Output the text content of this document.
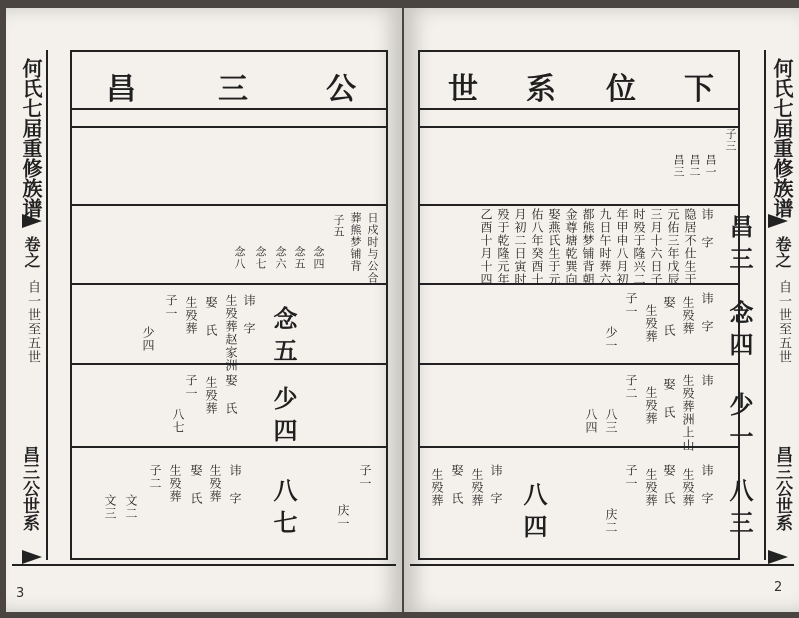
昌	三	公
日戍时与公合
葬熊梦铺背
子五
念四
念五
念六
念七
念八
念五
讳 字
生殁葬赵家洲
娶 氏
生殁葬
子一
少四
少四
娶 氏
生殁葬
子一
八七
八七
讳 字
生殁葬
娶 氏
生殁葬
子二
文二
文三
子一
庆一
何氏七届重修族谱
卷之
自一世至五世
昌三公世系
3
世 系 位 下
子三
昌一
昌二
昌三
昌三
讳 字
隐居不仕生于
元佑三年戊辰
三月十六日子
时殁于隆兴二
年甲申八月初
九日午时葬六
都熊梦铺背朝
金尊塘乾巽向
娶燕氏生于元
佑八年癸酉十
月初二日寅时
殁于乾隆元年
乙酉十月十四
念四
讳 字
生殁葬
娶 氏
生殁葬
子一
少一
少一
讳
生殁葬洲上山
娶 氏
生殁葬
子二
八三
八四
八三
讳 字
生殁葬
娶 氏
生殁葬
子一
庆二
八四
讳 字
生殁葬
娶 氏
生殁葬
何氏七届重修族谱
卷之
自一世至五世
昌三公世系
2
